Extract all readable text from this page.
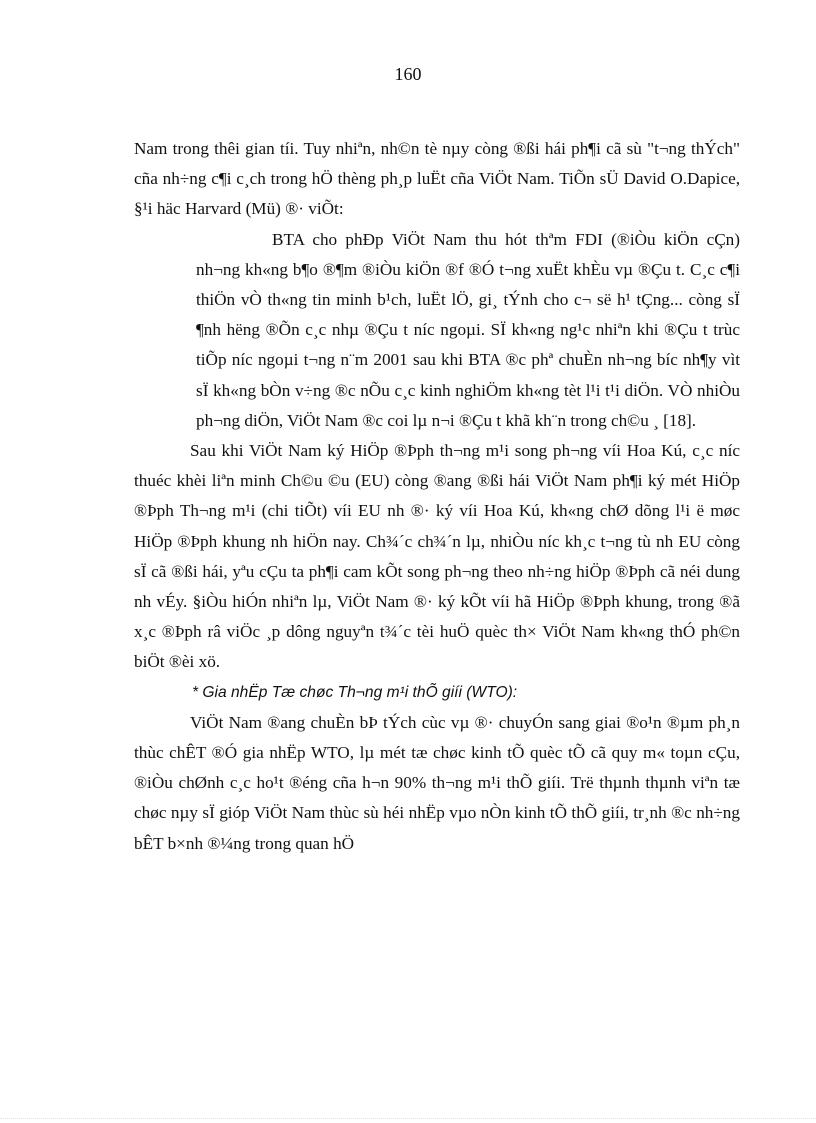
160

Nam trong thêi gian tíi. Tuy nhiªn, nh©n tè nµy còng ®ßi hái ph¶i cã sù "t¬ng thÝch" cña nh÷ng c¶i c¸ch trong hÖ thèng ph¸p luËt cña ViÖt Nam. TiÕn sÜ David O.Dapice, §¹i häc Harvard (Mü) ®· viÕt:

BTA cho phÐp ViÖt Nam thu hót thªm FDI (®iÒu kiÖn cÇn) nh¬ng kh«ng b¶o ®¶m ®iÒu kiÖn ®f ®Ó t¬ng xuËt khÈu vµ ®Çu t. C¸c c¶i thiÖn vÒ th«ng tin minh b¹ch, luËt lÖ, gi¸ tÝnh cho c¬ së h¹ tÇng... còng sÏ ¶nh hëng ®Õn c¸c nhµ ®Çu t níc ngoµi. SÏ kh«ng ng¹c nhiªn khi ®Çu t trùc tiÕp níc ngoµi t¬ng n¨m 2001 sau khi BTA ®c phª chuÈn nh¬ng bíc nh¶y vìt sÏ kh«ng bÒn v÷ng ®c nÕu c¸c kinh nghiÖm kh«ng tèt l¹i t¹i diÖn. VÒ nhiÒu ph¬ng diÖn, ViÖt Nam ®c coi lµ n¬i ®Çu t khã kh¨n trong ch©u ¸ [18].

Sau khi ViÖt Nam ký HiÖp ®Þph th¬ng m¹i song ph¬ng víi Hoa Kú, c¸c níc thuéc khèi liªn minh Ch©u ©u (EU) còng ®ang ®ßi hái ViÖt Nam ph¶i ký mét HiÖp ®Þph Th¬ng m¹i (chi tiÕt) víi EU nh ®· ký víi Hoa Kú, kh«ng chØ dõng l¹i ë møc HiÖp ®Þph khung nh hiÖn nay. Ch¾´c ch¾´n lµ, nhiÒu níc kh¸c t¬ng tù nh EU còng sÏ cã ®ßi hái, yªu cÇu ta ph¶i cam kÕt song ph¬ng theo nh÷ng hiÖp ®Þph cã néi dung nh vÉy. §iÒu hiÓn nhiªn lµ, ViÖt Nam ®· ký kÕt víi hã HiÖp ®Þph khung, trong ®ã x¸c ®Þph râ viÖc ¸p dông nguyªn t¾´c tèi huÖ quèc th× ViÖt Nam kh«ng thÓ ph©n biÖt ®èi xö.

* Gia nhËp Tæ chøc Th¬ng m¹i thÕ giíi (WTO):

ViÖt Nam ®ang chuÈn bÞ tÝch cùc vµ ®· chuyÓn sang giai ®o¹n ®µm ph¸n thùc chÊT ®Ó gia nhËp WTO, lµ mét tæ chøc kinh tÕ quèc tÕ cã quy m« toµn cÇu, ®iÒu chØnh c¸c ho¹t ®éng cña h¬n 90% th¬ng m¹i thÕ giíi. Trë thµnh thµnh viªn tæ chøc nµy sÏ gióp ViÖt Nam thùc sù héi nhËp vµo nÒn kinh tÕ thÕ giíi, tr¸nh ®c nh÷ng bÊT b×nh ®¼ng trong quan hÖ
